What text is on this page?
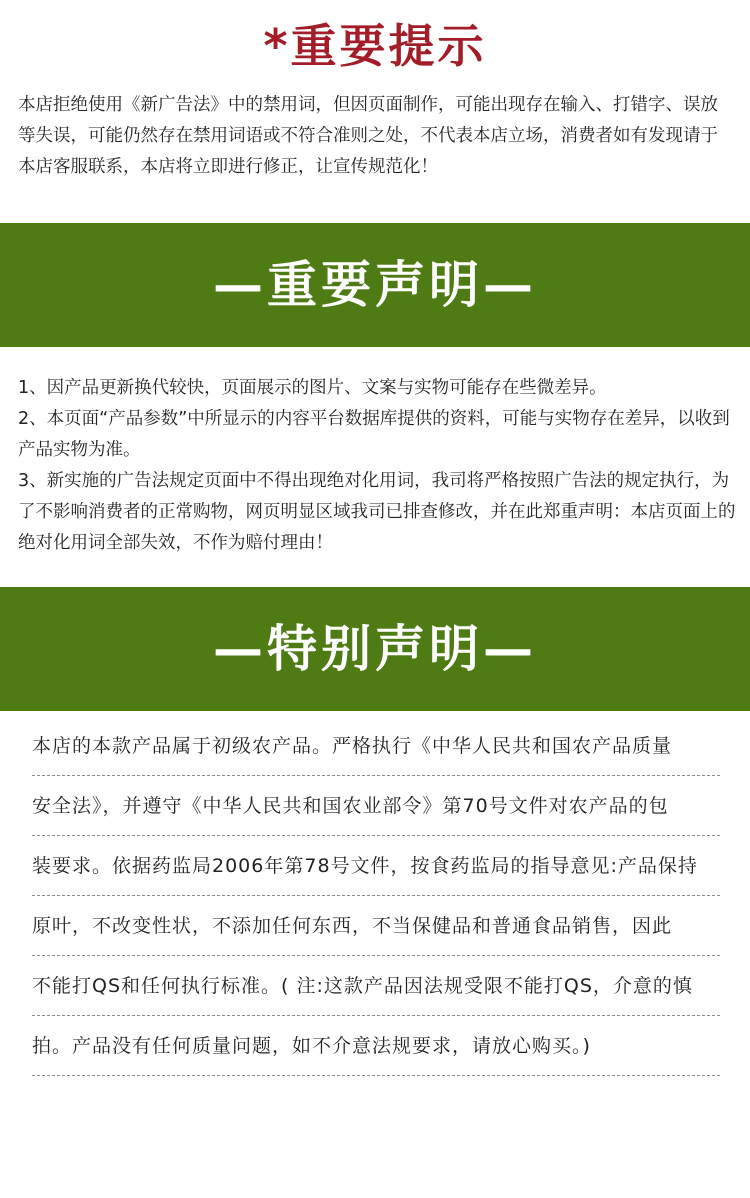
*重要提示

本店拒绝使用《新广告法》中的禁用词，但因页面制作，可能出现存在输入、打错字、误放等失误，可能仍然存在禁用词语或不符合准则之处，不代表本店立场，消费者如有发现请于本店客服联系，本店将立即进行修正，让宣传规范化！

—重要声明—
1、因产品更新换代较快，页面展示的图片、文案与实物可能存在些微差异。
2、本页面“产品参数”中所显示的内容平台数据库提供的资料，可能与实物存在差异，以收到产品实物为准。
3、新实施的广告法规定页面中不得出现绝对化用词，我司将严格按照广告法的规定执行，为了不影响消费者的正常购物，网页明显区域我司已排查修改，并在此郑重声明：本店页面上的绝对化用词全部失效，不作为赔付理由！
—特别声明—
本店的本款产品属于初级农产品。严格执行《中华人民共和国农产品质量
安全法》，并遵守《中华人民共和国农业部令》第70号文件对农产品的包
装要求。依据药监局2006年第78号文件，按食药监局的指导意见:产品保持
原叶，不改变性状，不添加任何东西，不当保健品和普通食品销售，因此
不能打QS和任何执行标准。( 注:这款产品因法规受限不能打QS，介意的慎
拍。产品没有任何质量问题，如不介意法规要求，请放心购买。)
